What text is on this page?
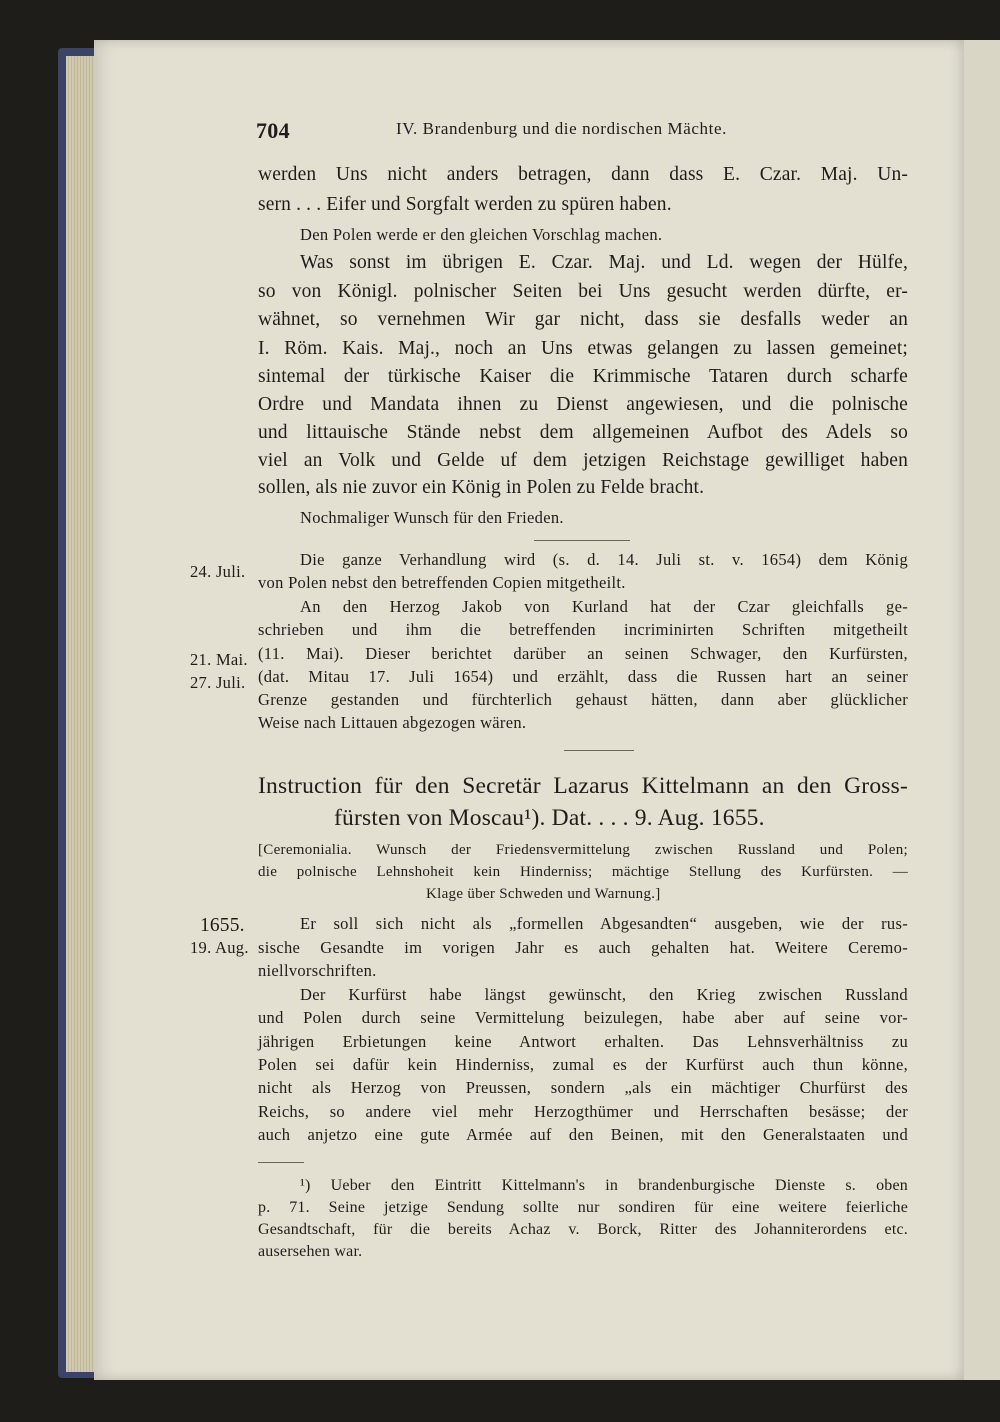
704	IV. Brandenburg und die nordischen Mächte.
werden Uns nicht anders betragen, dann dass E. Czar. Maj. Un-
sern . . . Eifer und Sorgfalt werden zu spüren haben.
Den Polen werde er den gleichen Vorschlag machen.
Was sonst im übrigen E. Czar. Maj. und Ld. wegen der Hülfe,
so von Königl. polnischer Seiten bei Uns gesucht werden dürfte, er-
wähnet, so vernehmen Wir gar nicht, dass sie desfalls weder an
I. Röm. Kais. Maj., noch an Uns etwas gelangen zu lassen gemeinet;
sintemal der türkische Kaiser die Krimmische Tataren durch scharfe
Ordre und Mandata ihnen zu Dienst angewiesen, und die polnische
und littauische Stände nebst dem allgemeinen Aufbot des Adels so
viel an Volk und Gelde uf dem jetzigen Reichstage gewilliget haben
sollen, als nie zuvor ein König in Polen zu Felde bracht.
Nochmaliger Wunsch für den Frieden.
24. Juli.
21. Mai.
27. Juli.
Die ganze Verhandlung wird (s. d. 14. Juli st. v. 1654) dem König
von Polen nebst den betreffenden Copien mitgetheilt.
An den Herzog Jakob von Kurland hat der Czar gleichfalls ge-
schrieben und ihm die betreffenden incriminirten Schriften mitgetheilt
(11. Mai). Dieser berichtet darüber an seinen Schwager, den Kurfürsten,
(dat. Mitau 17. Juli 1654) und erzählt, dass die Russen hart an seiner
Grenze gestanden und fürchterlich gehaust hätten, dann aber glücklicher
Weise nach Littauen abgezogen wären.
Instruction für den Secretär Lazarus Kittelmann an den Gross-
fürsten von Moscau¹). Dat. . . . 9. Aug. 1655.
[Ceremonialia. Wunsch der Friedensvermittelung zwischen Russland und Polen;
die polnische Lehnshoheit kein Hinderniss; mächtige Stellung des Kurfürsten. —
Klage über Schweden und Warnung.]
1655.
19. Aug.
Er soll sich nicht als „formellen Abgesandten“ ausgeben, wie der rus-
sische Gesandte im vorigen Jahr es auch gehalten hat. Weitere Ceremo-
niellvorschriften.
Der Kurfürst habe längst gewünscht, den Krieg zwischen Russland
und Polen durch seine Vermittelung beizulegen, habe aber auf seine vor-
jährigen Erbietungen keine Antwort erhalten. Das Lehnsverhältniss zu
Polen sei dafür kein Hinderniss, zumal es der Kurfürst auch thun könne,
nicht als Herzog von Preussen, sondern „als ein mächtiger Churfürst des
Reichs, so andere viel mehr Herzogthümer und Herrschaften besässe; der
auch anjetzo eine gute Armée auf den Beinen, mit den Generalstaaten und
¹) Ueber den Eintritt Kittelmann's in brandenburgische Dienste s. oben
p. 71. Seine jetzige Sendung sollte nur sondiren für eine weitere feierliche
Gesandtschaft, für die bereits Achaz v. Borck, Ritter des Johanniterordens etc.
ausersehen war.
